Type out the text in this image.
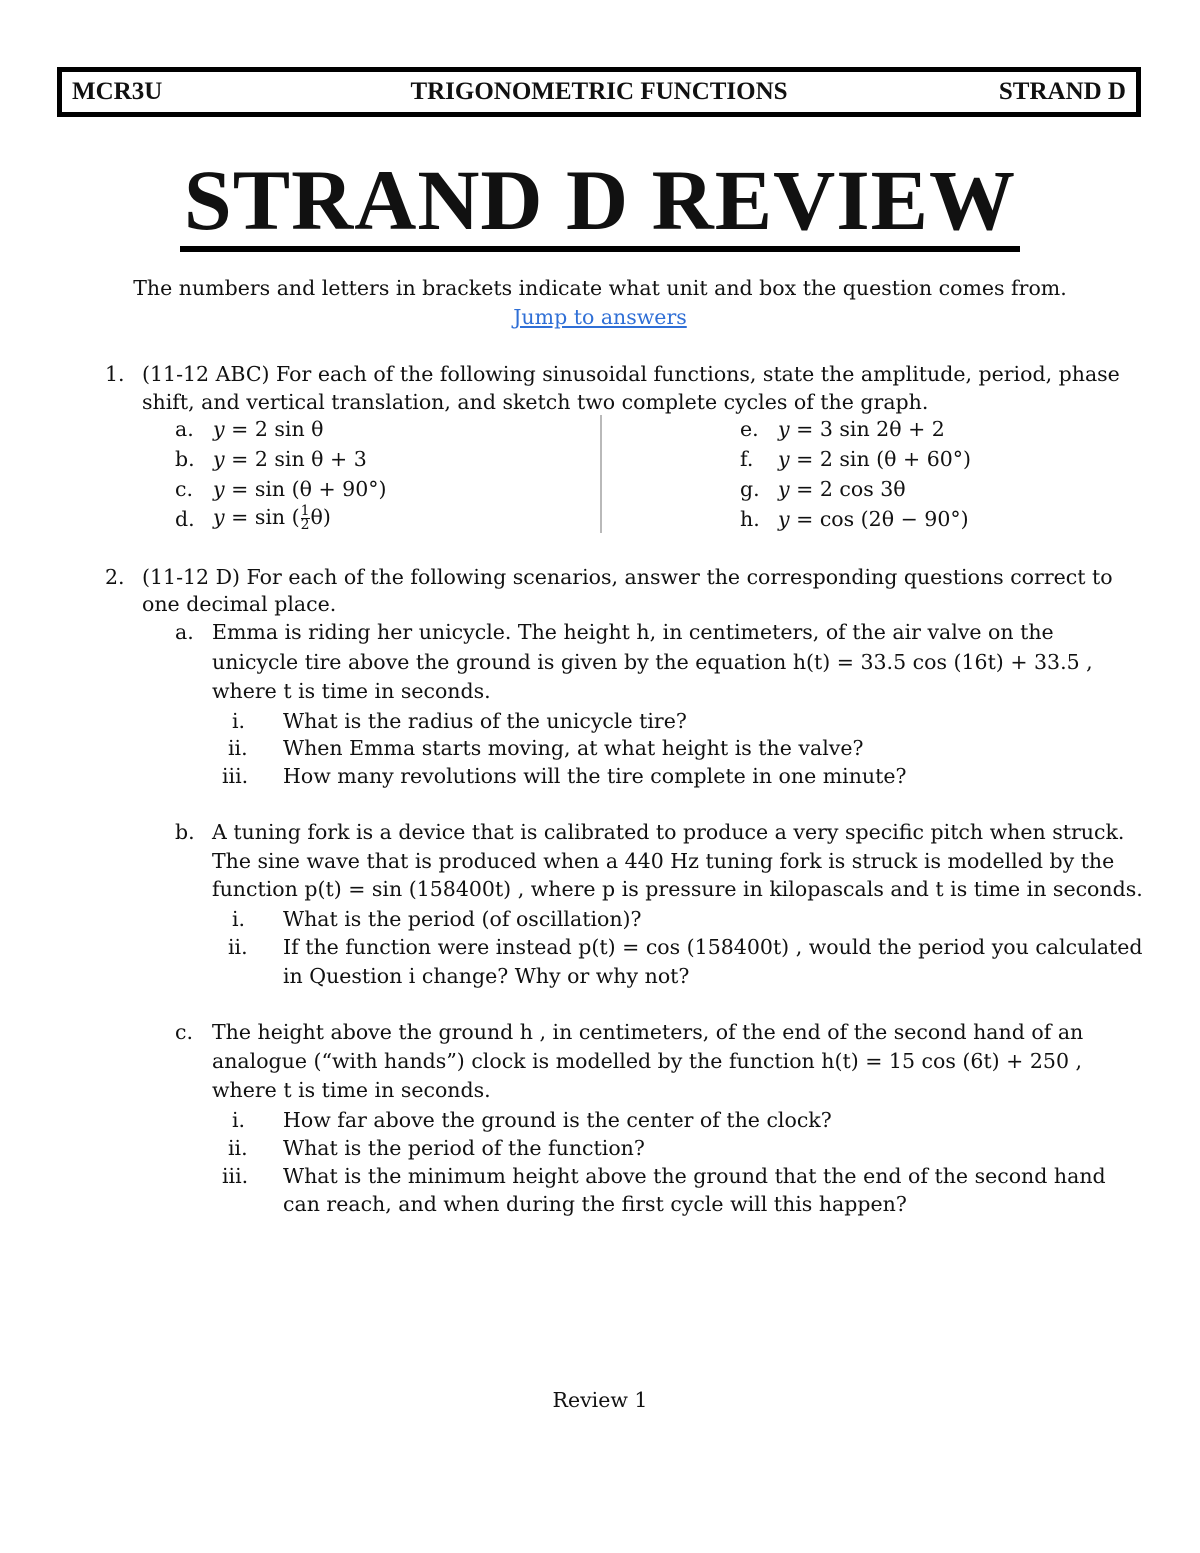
MCR3U	TRIGONOMETRIC FUNCTIONS	STRAND D
STRAND D REVIEW
The numbers and letters in brackets indicate what unit and box the question comes from.
Jump to answers
1. (11-12 ABC) For each of the following sinusoidal functions, state the amplitude, period, phase
shift, and vertical translation, and sketch two complete cycles of the graph.
a. y = 2 sin θ
b. y = 2 sin θ + 3
c. y = sin (θ + 90°)
d. y = sin ( $\frac{1}{2} \theta$)
e. y = 3 sin 2θ + 2
f. y = 2 sin (θ + 60°)
g. y = 2 cos 3θ
h. y = cos (2θ − 90°)
2. (11-12 D) For each of the following scenarios, answer the corresponding questions correct to
one decimal place.
a. Emma is riding her unicycle. The height h, in centimeters, of the air valve on the
unicycle tire above the ground is given by the equation h(t) = 33.5 cos (16t) + 33.5 ,
where t is time in seconds.
i. What is the radius of the unicycle tire?
ii. When Emma starts moving, at what height is the valve?
iii. How many revolutions will the tire complete in one minute?
b. A tuning fork is a device that is calibrated to produce a very specific pitch when struck.
The sine wave that is produced when a 440 Hz tuning fork is struck is modelled by the
function p(t) = sin (158400t) , where p is pressure in kilopascals and t is time in seconds.
i. What is the period (of oscillation)?
ii. If the function were instead p(t) = cos (158400t) , would the period you calculated
in Question i change? Why or why not?
c. The height above the ground h , in centimeters, of the end of the second hand of an
analogue (“with hands”) clock is modelled by the function h(t) = 15 cos (6t) + 250 ,
where t is time in seconds.
i. How far above the ground is the center of the clock?
ii. What is the period of the function?
iii. What is the minimum height above the ground that the end of the second hand
can reach, and when during the first cycle will this happen?
Review 1
